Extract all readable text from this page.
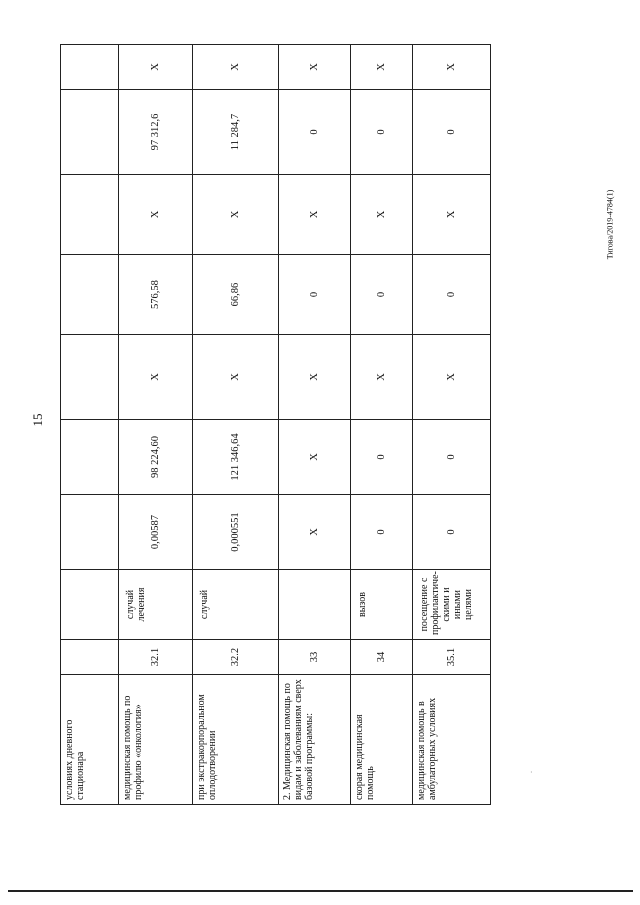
15
Тигова/2019-4784(1)
условиях дневного стационара									
медицинская помощь по профилю «онкология»	32.1	случай лечения	0,00587	98 224,60	X	576,58	X	97 312,6	X
при экстракорпоральном оплодотворении	32.2	случай	0,000551	121 346,64	X	66,86	X	11 284,7	X
2. Медицинская помощь по видам и заболеваниям сверх базовой программы:	33		X	X	X	0	X	0	X
скорая медицинская помощь	34	вызов	0	0	X	0	X	0	X
медицинская помощь в амбулаторных условиях	35.1	посещение с профилактиче-скими и иными целями	0	0	X	0	X	0	X
·
